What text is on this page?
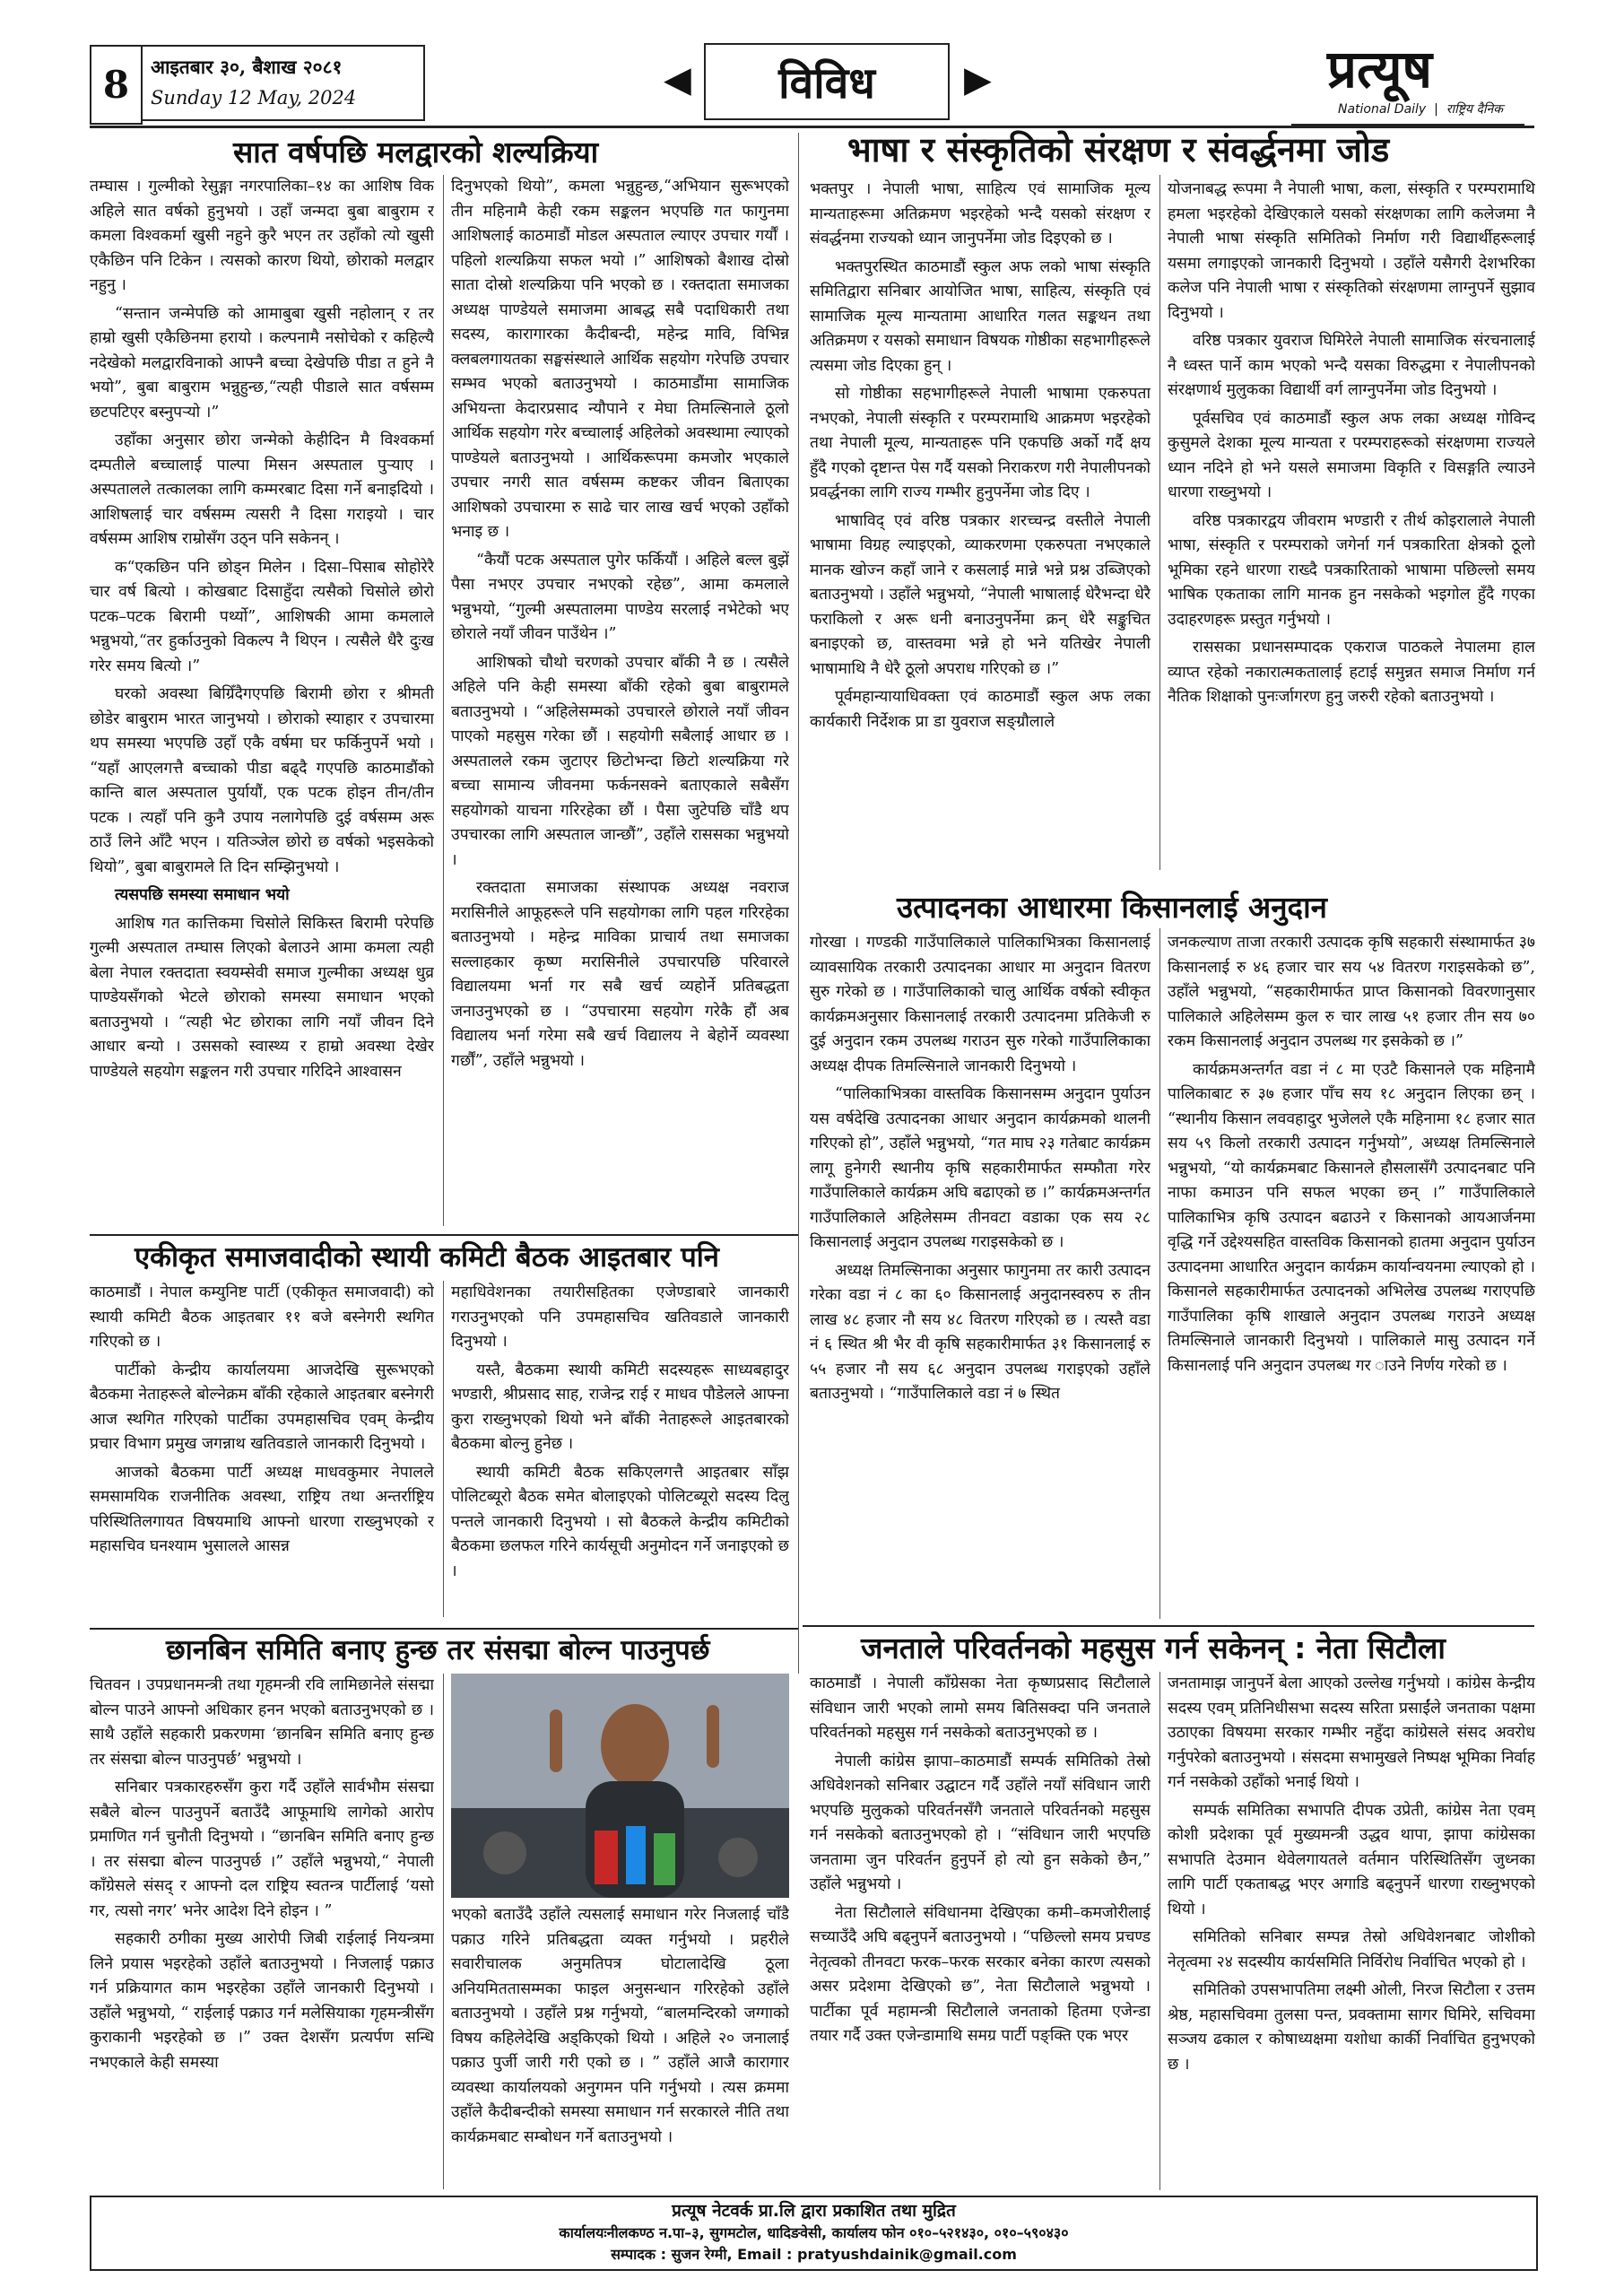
8	आइतबार ३०, बैशाख २०८१
Sunday 12 May, 2024	◀	विविध	▶	प्रत्यूष
National Daily  |  राष्ट्रिय दैनिक
सात वर्षपछि मलद्वारको शल्यक्रिया

तम्घास । गुल्मीको रेसुङ्गा नगरपालिका–१४ का आशिष विक अहिले सात वर्षको हुनुभयो । उहाँ जन्मदा बुबा बाबुराम र कमला विश्वकर्मा खुसी नहुने कुरै भएन तर उहाँको त्यो खुसी एकैछिन पनि टिकेन । त्यसको कारण थियो, छोराको मलद्वार नहुनु ।

“सन्तान जन्मेपछि को आमाबुबा खुसी नहोलान् र तर हाम्रो खुसी एकैछिनमा हरायो । कल्पनामै नसोचेको र कहिल्यै नदेखेको मलद्वारविनाको आफ्नै बच्चा देखेपछि पीडा त हुने नै भयो”, बुबा बाबुराम भन्नुहुन्छ,“त्यही पीडाले सात वर्षसम्म छटपटिएर बस्नुपर्‍यो ।”

उहाँका अनुसार छोरा जन्मेको केहीदिन मै विश्वकर्मा दम्पतीले बच्चालाई पाल्पा मिसन अस्पताल पुऱ्याए । अस्पतालले तत्कालका लागि कम्मरबाट दिसा गर्ने बनाइदियो । आशिषलाई चार वर्षसम्म त्यसरी नै दिसा गराइयो । चार वर्षसम्म आशिष राम्रोसँग उठ्न पनि सकेनन् ।

क“एकछिन पनि छोड्न मिलेन । दिसा–पिसाब सोहोरेरै चार वर्ष बित्यो । कोखबाट दिसाहुँदा त्यसैको चिसोले छोरो पटक–पटक बिरामी पर्थ्यो”, आशिषकी आमा कमलाले भन्नुभयो,“तर हुर्काउनुको विकल्प नै थिएन । त्यसैले धैरै दुःख गरेर समय बित्यो ।”

घरको अवस्था बिग्रिँदैगएपछि बिरामी छोरा र श्रीमती छोडेर बाबुराम भारत जानुभयो । छोराको स्याहार र उपचारमा थप समस्या भएपछि उहाँ एकै वर्षमा घर फर्किनुपर्ने भयो । “यहाँ आएलगत्तै बच्चाको पीडा बढ्दै गएपछि काठमाडौंको कान्ति बाल अस्पताल पुर्यायौं, एक पटक होइन तीन/तीन पटक । त्यहाँ पनि कुनै उपाय नलागेपछि दुई वर्षसम्म अरू ठाउँ लिने आँटै भएन । यतिञ्जेल छोरो छ वर्षको भइसकेको थियो”, बुबा बाबुरामले ति दिन सम्झिनुभयो ।

त्यसपछि समस्या समाधान भयो

आशिष गत कात्तिकमा चिसोले सिकिस्त बिरामी परेपछि गुल्मी अस्पताल तम्घास लिएको बेलाउने आमा कमला त्यही बेला नेपाल रक्तदाता स्वयम्सेवी समाज गुल्मीका अध्यक्ष धुव्र पाण्डेयसँगको भेटले छोराको समस्या समाधान भएको बताउनुभयो । “त्यही भेट छोराका लागि नयाँ जीवन दिने आधार बन्यो । उससको स्वास्थ्य र हाम्रो अवस्था देखेर पाण्डेयले सहयोग सङ्कलन गरी उपचार गरिदिने आश्वासन

दिनुभएको थियो”, कमला भन्नुहुन्छ,“अभियान सुरूभएको तीन महिनामै केही रकम सङ्कलन भएपछि गत फागुनमा आशिषलाई काठमाडौं मोडल अस्पताल ल्याएर उपचार गर्यौं । पहिलो शल्यक्रिया सफल भयो ।” आशिषको बैशाख दोस्रो साता दोस्रो शल्यक्रिया पनि भएको छ । रक्तदाता समाजका अध्यक्ष पाण्डेयले समाजमा आबद्ध सबै पदाधिकारी तथा सदस्य, कारागारका कैदीबन्दी, महेन्द्र मावि, विभिन्न क्लबलगायतका सङ्घसंस्थाले आर्थिक सहयोग गरेपछि उपचार सम्भव भएको बताउनुभयो । काठमाडौंमा सामाजिक अभियन्ता केदारप्रसाद न्यौपाने र मेघा तिमल्सिनाले ठूलो आर्थिक सहयोग गरेर बच्चालाई अहिलेको अवस्थामा ल्याएको पाण्डेयले बताउनुभयो । आर्थिकरूपमा कमजोर भएकाले उपचार नगरी सात वर्षसम्म कष्टकर जीवन बिताएका आशिषको उपचारमा रु साढे चार लाख खर्च भएको उहाँको भनाइ छ ।

“कैयौं पटक अस्पताल पुगेर फर्कियौं । अहिले बल्ल बुझें पैसा नभएर उपचार नभएको रहेछ”, आमा कमलाले भन्नुभयो, “गुल्मी अस्पतालमा पाण्डेय सरलाई नभेटेको भए छोराले नयाँ जीवन पाउँथेन ।”

आशिषको चौथो चरणको उपचार बाँकी नै छ । त्यसैले अहिले पनि केही समस्या बाँकी रहेको बुबा बाबुरामले बताउनुभयो । “अहिलेसम्मको उपचारले छोराले नयाँ जीवन पाएको महसुस गरेका छौं । सहयोगी सबैलाई आधार छ । अस्पतालले रकम जुटाएर छिटोभन्दा छिटो शल्यक्रिया गरे बच्चा सामान्य जीवनमा फर्कनसक्ने बताएकाले सबैसँग सहयोगको याचना गरिरहेका छौं । पैसा जुटेपछि चाँडै थप उपचारका लागि अस्पताल जान्छौं”, उहाँले राससका भन्नुभयो ।

रक्तदाता समाजका संस्थापक अध्यक्ष नवराज मरासिनीले आफूहरूले पनि सहयोगका लागि पहल गरिरहेका बताउनुभयो । महेन्द्र माविका प्राचार्य तथा समाजका सल्लाहकार कृष्ण मरासिनीले उपचारपछि परिवारले विद्यालयमा भर्ना गर सबै खर्च व्यहोर्ने प्रतिबद्धता जनाउनुभएको छ । “उपचारमा सहयोग गरेकै हौं अब विद्यालय भर्ना गरेमा सबै खर्च विद्यालय ने बेहोर्ने व्यवस्था गर्छौं”, उहाँले भन्नुभयो ।

भाषा र संस्कृतिको संरक्षण र संवर्द्धनमा जोड

भक्तपुर । नेपाली भाषा, साहित्य एवं सामाजिक मूल्य मान्यताहरूमा अतिक्रमण भइरहेको भन्दै यसको संरक्षण र संवर्द्धनमा राज्यको ध्यान जानुपर्नेमा जोड दिइएको छ ।

भक्तपुरस्थित काठमाडौं स्कुल अफ लको भाषा संस्कृति समितिद्वारा सनिबार आयोजित भाषा, साहित्य, संस्कृति एवं सामाजिक मूल्य मान्यतामा आधारित गलत सङ्कथन तथा अतिक्रमण र यसको समाधान विषयक गोष्ठीका सहभागीहरूले त्यसमा जोड दिएका हुन् ।

सो गोष्ठीका सहभागीहरूले नेपाली भाषामा एकरुपता नभएको, नेपाली संस्कृति र परम्परामाथि आक्रमण भइरहेको तथा नेपाली मूल्य, मान्यताहरू पनि एकपछि अर्को गर्दै क्षय हुँदै गएको दृष्टान्त पेस गर्दै यसको निराकरण गरी नेपालीपनको प्रवर्द्धनका लागि राज्य गम्भीर हुनुपर्नेमा जोड दिए ।

भाषाविद् एवं वरिष्ठ पत्रकार शरच्चन्द्र वस्तीले नेपाली भाषामा विग्रह ल्याइएको, व्याकरणमा एकरुपता नभएकाले मानक खोज्न कहाँ जाने र कसलाई मान्ने भन्ने प्रश्न उब्जिएको बताउनुभयो । उहाँले भन्नुभयो, “नेपाली भाषालाई धेरैभन्दा धेरै फराकिलो र अरू धनी बनाउनुपर्नेमा क्रन् धेरै सङ्कुचित बनाइएको छ, वास्तवमा भन्ने हो भने यतिखेर नेपाली भाषामाथि नै धेरै ठूलो अपराध गरिएको छ ।”

पूर्वमहान्यायाधिवक्ता एवं काठमाडौं स्कुल अफ लका कार्यकारी निर्देशक प्रा डा युवराज सङ्ग्रौलाले

योजनाबद्ध रूपमा नै नेपाली भाषा, कला, संस्कृति र परम्परामाथि हमला भइरहेको देखिएकाले यसको संरक्षणका लागि कलेजमा नै नेपाली भाषा संस्कृति समितिको निर्माण गरी विद्यार्थीहरूलाई यसमा लगाइएको जानकारी दिनुभयो । उहाँले यसैगरी देशभरिका कलेज पनि नेपाली भाषा र संस्कृतिको संरक्षणमा लाग्नुपर्ने सुझाव दिनुभयो ।

वरिष्ठ पत्रकार युवराज घिमिरेले नेपाली सामाजिक संरचनालाई नै ध्वस्त पार्ने काम भएको भन्दै यसका विरुद्धमा र नेपालीपनको संरक्षणार्थ मुलुकका विद्यार्थी वर्ग लाग्नुपर्नेमा जोड दिनुभयो ।

पूर्वसचिव एवं काठमाडौं स्कुल अफ लका अध्यक्ष गोविन्द कुसुमले देशका मूल्य मान्यता र परम्पराहरूको संरक्षणमा राज्यले ध्यान नदिने हो भने यसले समाजमा विकृति र विसङ्गति ल्याउने धारणा राख्नुभयो ।

वरिष्ठ पत्रकारद्वय जीवराम भण्डारी र तीर्थ कोइरालाले नेपाली भाषा, संस्कृति र परम्पराको जगेर्ना गर्न पत्रकारिता क्षेत्रको ठूलो भूमिका रहने धारणा राख्दै पत्रकारिताको भाषामा पछिल्लो समय भाषिक एकताका लागि मानक हुन नसकेको भइगोल हुँदै गएका उदाहरणहरू प्रस्तुत गर्नुभयो ।

राससका प्रधानसम्पादक एकराज पाठकले नेपालमा हाल व्याप्त रहेको नकारात्मकतालाई हटाई समुन्नत समाज निर्माण गर्न नैतिक शिक्षाको पुनःर्जागरण हुनु जरुरी रहेको बताउनुभयो ।

उत्पादनका आधारमा किसानलाई अनुदान

गोरखा । गण्डकी गाउँपालिकाले पालिकाभित्रका किसानलाई व्यावसायिक तरकारी उत्पादनका आधार मा अनुदान वितरण सुरु गरेको छ । गाउँपालिकाको चालु आर्थिक वर्षको स्वीकृत कार्यक्रमअनुसार किसानलाई तरकारी उत्पादनमा प्रतिकेजी रु दुई अनुदान रकम उपलब्ध गराउन सुरु गरेको गाउँपालिकाका अध्यक्ष दीपक तिमल्सिनाले जानकारी दिनुभयो ।

“पालिकाभित्रका वास्तविक किसानसम्म अनुदान पुर्याउन यस वर्षदेखि उत्पादनका आधार अनुदान कार्यक्रमको थालनी गरिएको हो”, उहाँले भन्नुभयो, “गत माघ २३ गतेबाट कार्यक्रम लागू हुनेगरी स्थानीय कृषि सहकारीमार्फत सम्फौता गरेर गाउँपालिकाले कार्यक्रम अघि बढाएको छ ।” कार्यक्रमअन्तर्गत गाउँपालिकाले अहिलेसम्म तीनवटा वडाका एक सय २८ किसानलाई अनुदान उपलब्ध गराइसकेको छ ।

अध्यक्ष तिमल्सिनाका अनुसार फागुनमा तर कारी उत्पादन गरेका वडा नं ८ का ६० किसानलाई अनुदानस्वरुप रु तीन लाख ४८ हजार नौ सय ४८ वितरण गरिएको छ । त्यस्तै वडा नं ६ स्थित श्री भैर वी कृषि सहकारीमार्फत ३१ किसानलाई रु ५५ हजार नौ सय ६८ अनुदान उपलब्ध गराइएको उहाँले बताउनुभयो । “गाउँपालिकाले वडा नं ७ स्थित

जनकल्याण ताजा तरकारी उत्पादक कृषि सहकारी संस्थामार्फत ३७ किसानलाई रु ४६ हजार चार सय ५४ वितरण गराइसकेको छ”, उहाँले भन्नुभयो, “सहकारीमार्फत प्राप्त किसानको विवरणानुसार पालिकाले अहिलेसम्म कुल रु चार लाख ५१ हजार तीन सय ७० रकम किसानलाई अनुदान उपलब्ध गर इसकेको छ ।”

कार्यक्रमअन्तर्गत वडा नं ८ मा एउटै किसानले एक महिनामै पालिकाबाट रु ३७ हजार पाँच सय १८ अनुदान लिएका छन् । “स्थानीय किसान लववहादुर भुजेलले एकै महिनामा १८ हजार सात सय ५९ किलो तरकारी उत्पादन गर्नुभयो”, अध्यक्ष तिमल्सिनाले भन्नुभयो, “यो कार्यक्रमबाट किसानले हौसलासँगै उत्पादनबाट पनि नाफा कमाउन पनि सफल भएका छन् ।” गाउँपालिकाले पालिकाभित्र कृषि उत्पादन बढाउने र किसानको आयआर्जनमा वृद्धि गर्ने उद्देश्यसहित वास्तविक किसानको हातमा अनुदान पुर्याउन उत्पादनमा आधारित अनुदान कार्यक्रम कार्यान्वयनमा ल्याएको हो । किसानले सहकारीमार्फत उत्पादनको अभिलेख उपलब्ध गराएपछि गाउँपालिका कृषि शाखाले अनुदान उपलब्ध गराउने अध्यक्ष तिमल्सिनाले जानकारी दिनुभयो । पालिकाले मासु उत्पादन गर्ने किसानलाई पनि अनुदान उपलब्ध गर ाउने निर्णय गरेको छ ।

एकीकृत समाजवादीको स्थायी कमिटी बैठक आइतबार पनि

काठमाडौं । नेपाल कम्युनिष्ट पार्टी (एकीकृत समाजवादी) को स्थायी कमिटी बैठक आइतबार ११ बजे बस्नेगरी स्थगित गरिएको छ ।

पार्टीको केन्द्रीय कार्यालयमा आजदेखि सुरूभएको बैठकमा नेताहरूले बोल्नेक्रम बाँकी रहेकाले आइतबार बस्नेगरी आज स्थगित गरिएको पार्टीका उपमहासचिव एवम् केन्द्रीय प्रचार विभाग प्रमुख जगन्नाथ खतिवडाले जानकारी दिनुभयो ।

आजको बैठकमा पार्टी अध्यक्ष माधवकुमार नेपालले समसामयिक राजनीतिक अवस्था, राष्ट्रिय तथा अन्तर्राष्ट्रिय परिस्थितिलगायत विषयमाथि आफ्नो धारणा राख्नुभएको र महासचिव घनश्याम भुसालले आसन्न

महाधिवेशनका तयारीसहितका एजेण्डाबारे जानकारी गराउनुभएको पनि उपमहासचिव खतिवडाले जानकारी दिनुभयो ।

यस्तै, बैठकमा स्थायी कमिटी सदस्यहरू साध्यबहादुर भण्डारी, श्रीप्रसाद साह, राजेन्द्र राई र माधव पौडेलले आफ्ना कुरा राख्नुभएको थियो भने बाँकी नेताहरूले आइतबारको बैठकमा बोल्नु हुनेछ ।

स्थायी कमिटी बैठक सकिएलगत्तै आइतबार साँझ पोलिटब्यूरो बैठक समेत बोलाइएको पोलिटब्यूरो सदस्य दिलु पन्तले जानकारी दिनुभयो । सो बैठकले केन्द्रीय कमिटीको बैठकमा छलफल गरिने कार्यसूची अनुमोदन गर्ने जनाइएको छ ।

छानबिन समिति बनाए हुन्छ तर संसद्मा बोल्न पाउनुपर्छ

चितवन । उपप्रधानमन्त्री तथा गृहमन्त्री रवि लामिछानेले संसद्मा बोल्न पाउने आफ्नो अधिकार हनन भएको बताउनुभएको छ । साथै उहाँले सहकारी प्रकरणमा ‘छानबिन समिति बनाए हुन्छ तर संसद्मा बोल्न पाउनुपर्छ’ भन्नुभयो ।

सनिबार पत्रकारहरुसँग कुरा गर्दै उहाँले सार्वभौम संसद्मा सबैले बोल्न पाउनुपर्ने बताउँदै आफूमाथि लागेको आरोप प्रमाणित गर्न चुनौती दिनुभयो । “छानबिन समिति बनाए हुन्छ । तर संसद्मा बोल्न पाउनुपर्छ ।” उहाँले भन्नुभयो,“ नेपाली काँग्रेसले संसद् र आफ्नो दल राष्ट्रिय स्वतन्त्र पार्टीलाई ‘यसो गर, त्यसो नगर’ भनेर आदेश दिने होइन । ”

सहकारी ठगीका मुख्य आरोपी जिबी राईलाई नियन्त्रमा लिने प्रयास भइरहेको उहाँले बताउनुभयो । निजलाई पक्राउ गर्न प्रक्रियागत काम भइरहेका उहाँले जानकारी दिनुभयो । उहाँले भन्नुभयो, “ राईलाई पक्राउ गर्न मलेसियाका गृहमन्त्रीसँग कुराकानी भइरहेको छ ।” उक्त देशसँग प्रत्यर्पण सन्धि नभएकाले केही समस्या

भएको बताउँदै उहाँले त्यसलाई समाधान गरेर निजलाई चाँडै पक्राउ गरिने प्रतिबद्धता व्यक्त गर्नुभयो । प्रहरीले सवारीचालक अनुमतिपत्र घोटालादेखि ठूला अनियमिततासम्मका फाइल अनुसन्धान गरिरहेको उहाँले बताउनुभयो । उहाँले प्रश्न गर्नुभयो, “बालमन्दिरको जग्गाको विषय कहिलेदेखि अड्किएको थियो । अहिले २० जनालाई पक्राउ पुर्जी जारी गरी एको छ । ” उहाँले आजै कारागार व्यवस्था कार्यालयको अनुगमन पनि गर्नुभयो । त्यस क्रममा उहाँले कैदीबन्दीको समस्या समाधान गर्न सरकारले नीति तथा कार्यक्रमबाट सम्बोधन गर्ने बताउनुभयो ।

जनताले परिवर्तनको महसुस गर्न सकेनन् : नेता सिटौला

काठमाडौं । नेपाली काँग्रेसका नेता कृष्णप्रसाद सिटौलाले संविधान जारी भएको लामो समय बितिसक्दा पनि जनताले परिवर्तनको महसुस गर्न नसकेको बताउनुभएको छ ।

नेपाली कांग्रेस झापा–काठमाडौं सम्पर्क समितिको तेस्रो अधिवेशनको सनिबार उद्घाटन गर्दै उहाँले नयाँ संविधान जारी भएपछि मुलुकको परिवर्तनसँगै जनताले परिवर्तनको महसुस गर्न नसकेको बताउनुभएको हो । “संविधान जारी भएपछि जनतामा जुन परिवर्तन हुनुपर्ने हो त्यो हुन सकेको छैन,” उहाँले भन्नुभयो ।

नेता सिटौलाले संविधानमा देखिएका कमी–कमजोरीलाई सच्याउँदै अघि बढ्नुपर्ने बताउनुभयो । “पछिल्लो समय प्रचण्ड नेतृत्वको तीनवटा फरक–फरक सरकार बनेका कारण त्यसको असर प्रदेशमा देखिएको छ”, नेता सिटौलाले भन्नुभयो । पार्टीका पूर्व महामन्त्री सिटौलाले जनताको हितमा एजेन्डा तयार गर्दै उक्त एजेन्डामाथि समग्र पार्टी पङ्क्ति एक भएर

जनतामाझ जानुपर्ने बेला आएको उल्लेख गर्नुभयो । कांग्रेस केन्द्रीय सदस्य एवम् प्रतिनिधीसभा सदस्य सरिता प्रसाईंले जनताका पक्षमा उठाएका विषयमा सरकार गम्भीर नहुँदा कांग्रेसले संसद अवरोध गर्नुपरेको बताउनुभयो । संसदमा सभामुखले निष्पक्ष भूमिका निर्वाह गर्न नसकेको उहाँको भनाई थियो ।

सम्पर्क समितिका सभापति दीपक उप्रेती, कांग्रेस नेता एवम् कोशी प्रदेशका पूर्व मुख्यमन्त्री उद्धव थापा, झापा कांग्रेसका सभापति देउमान थेवेलगायतले वर्तमान परिस्थितिसँग जुध्नका लागि पार्टी एकताबद्ध भएर अगाडि बढ्नुपर्ने धारणा राख्नुभएको थियो ।

समितिको सनिबार सम्पन्न तेस्रो अधिवेशनबाट जोशीको नेतृत्वमा २४ सदस्यीय कार्यसमिति निर्विरोध निर्वाचित भएको हो ।

समितिको उपसभापतिमा लक्ष्मी ओली, निरज सिटौला र उत्तम श्रेष्ठ, महासचिवमा तुलसा पन्त, प्रवक्तामा सागर घिमिरे, सचिवमा सञ्जय ढकाल र कोषाध्यक्षमा यशोधा कार्की निर्वाचित हुनुभएको छ ।

प्रत्यूष नेटवर्क प्रा.लि द्वारा प्रकाशित तथा मुद्रित
कार्यालयःनीलकण्ठ न.पा–३, सुगमटोल, धादिङवेसी, कार्यालय फोन ०१०–५२१४३०, ०१०–५९०४३०
सम्पादक : सुजन रेग्मी, Email : pratyushdainik@gmail.com
